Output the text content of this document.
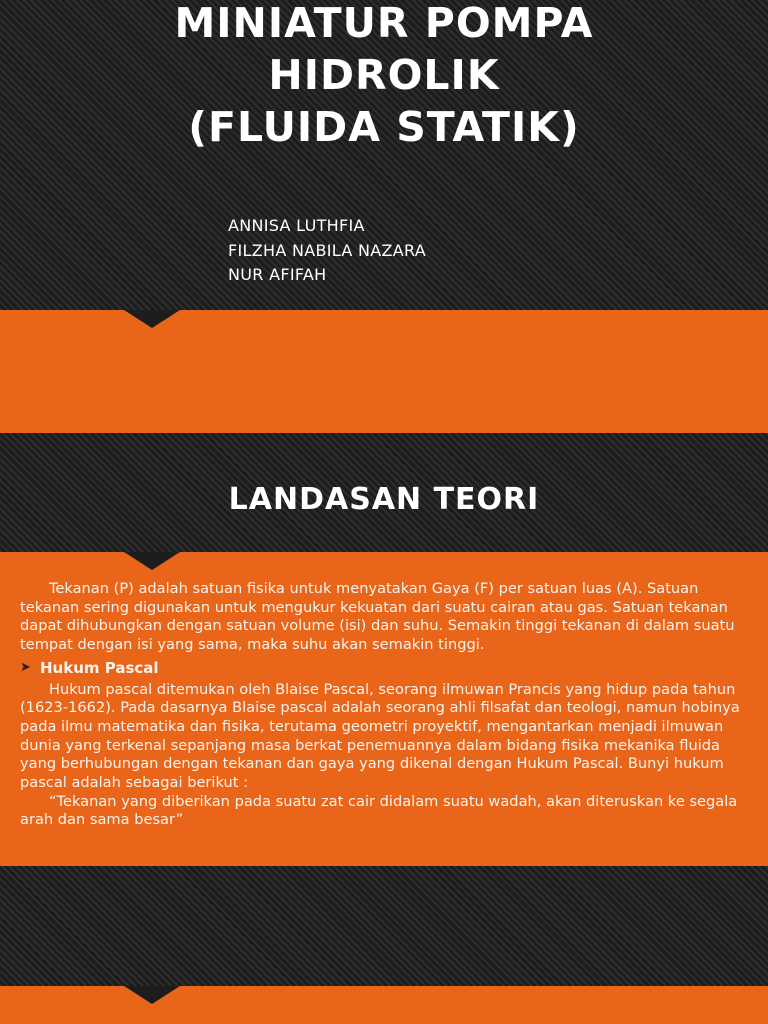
MINIATUR POMPA
HIDROLIK
(FLUIDA STATIK)
ANNISA LUTHFIA
FILZHA NABILA NAZARA
NUR AFIFAH
LANDASAN TEORI

Tekanan (P) adalah satuan fisika untuk menyatakan Gaya (F) per satuan luas (A). Satuan tekanan sering digunakan untuk mengukur kekuatan dari suatu cairan atau gas. Satuan tekanan dapat dihubungkan dengan satuan volume (isi) dan suhu. Semakin tinggi tekanan di dalam suatu tempat dengan isi yang sama, maka suhu akan semakin tinggi.

➤ Hukum Pascal

Hukum pascal ditemukan oleh Blaise Pascal, seorang ilmuwan Prancis yang hidup pada tahun (1623-1662). Pada dasarnya Blaise pascal adalah seorang ahli filsafat dan teologi, namun hobinya pada ilmu matematika dan fisika, terutama geometri proyektif, mengantarkan menjadi ilmuwan dunia yang terkenal sepanjang masa berkat penemuannya dalam bidang fisika mekanika fluida yang berhubungan dengan tekanan dan gaya yang dikenal dengan Hukum Pascal. Bunyi hukum pascal adalah sebagai berikut :

“Tekanan yang diberikan pada suatu zat cair didalam suatu wadah, akan diteruskan ke segala arah dan sama besar”
